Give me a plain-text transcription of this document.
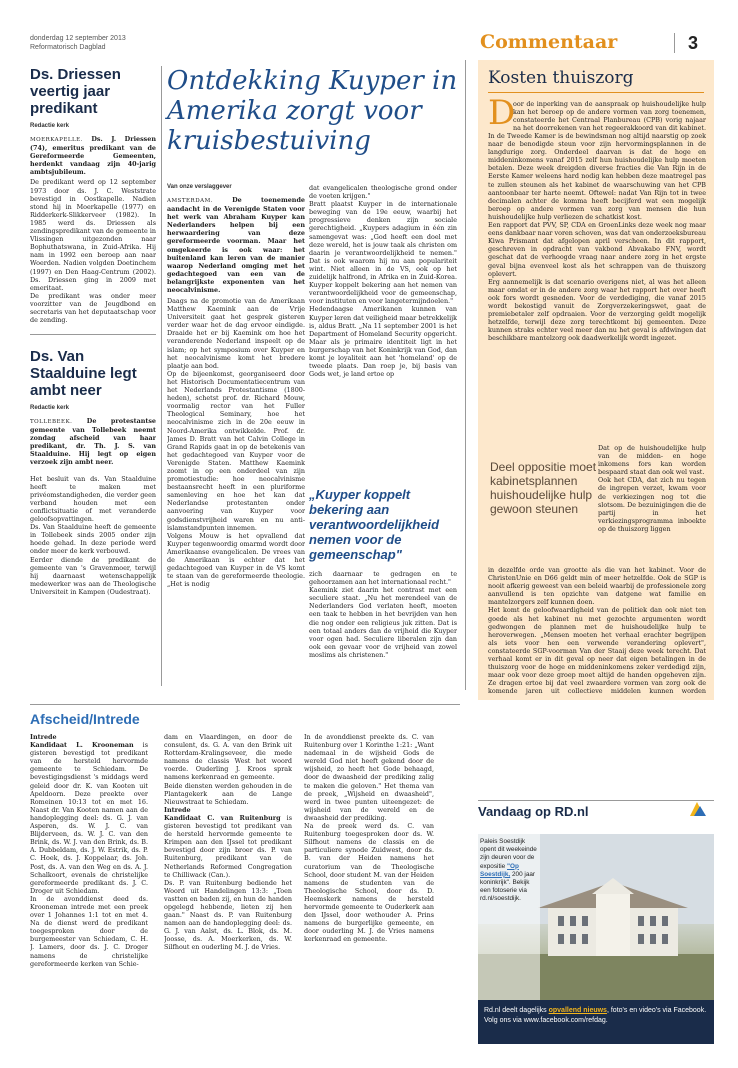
donderdag 12 september 2013
Reformatorisch Dagblad	Commentaar	3
Ds. Driessen veertig jaar predikant
Redactie kerk
MOERKAPELLE. Ds. J. Driessen (74), emeritus predikant van de Gereformeerde Gemeenten, herdenkt vandaag zijn 40-jarig ambtsjubileum.
De predikant werd op 12 september 1973 door ds. J. C. Weststrate bevestigd in Oostkapelle. Nadien stond hij in Moerkapelle (1977) en Ridderkerk-Slikkerveer (1982). In 1985 werd ds. Driessen als zendingspredikant van de gemeente in Vlissingen uitgezonden naar Bophuthatswana, in Zuid-Afrika. Hij nam in 1992 een beroep aan naar Woerden. Nadien volgden Doetinchem (1997) en Den Haag-Centrum (2002). Ds. Driessen ging in 2009 met emeritaat.
De predikant was onder meer voorzitter van de Jeugdbond en secretaris van het deputaatschap voor de zending.
Ds. Van Staalduine legt ambt neer
Redactie kerk
TOLLEBEEK. De protestantse gemeente van Tollebeek neemt zondag afscheid van haar predikant, dr. Th. J. S. van Staalduine. Hij legt op eigen verzoek zijn ambt neer.
Het besluit van ds. Van Staalduine heeft te maken met privéomstandigheden, die verder geen verband houden met een conflictsituatie of met veranderde geloofsopvattingen.
Ds. Van Staalduine heeft de gemeente in Tollebeek sinds 2005 onder zijn hoede gehad. In deze periode werd onder meer de kerk verbouwd.
Eerder diende de predikant de gemeente van 's Gravenmoer, terwijl hij daarnaast wetenschappelijk medewerker was aan de Theologische Universiteit in Kampen (Oudestraat).
Ontdekking Kuyper in Amerika zorgt voor kruisbestuiving
Van onze verslaggever
AMSTERDAM.	De toenemende aandacht in de Verenigde Staten voor het werk van Abraham Kuyper kan Nederlanders helpen bij een herwaardering van deze gereformeerde voorman. Maar het omgekeerde is ook waar: het buitenland kan leren van de manier waarop Nederland omging met het gedachtegoed van een van de belangrijkste exponenten van het neocalvinisme.
Daags na de promotie van de Amerikaan Matthew Kaemink aan de Vrije Universiteit gaat het gesprek gisteren verder waar het de dag ervoor eindigde. Draaide het er bij Kaemink om hoe het veranderende Nederland inspeelt op de islam; op het symposium over Kuyper en het neocalvinisme komt het bredere plaatje aan bod.
Op de bijeenkomst, georganiseerd door het Historisch Documentatiecentrum van het Nederlands Protestantisme (1800-heden), schetst prof. dr. Richard Mouw, voormalig rector van het Fuller Theological Seminary, hoe het neocalvinisme zich in de 20e eeuw in Noord-Amerika ontwikkelde. Prof. dr. James D. Bratt van het Calvin College in Grand Rapids gaat in op de betekenis van het gedachtegoed van Kuyper voor de Verenigde Staten. Matthew Kaemink zoomt in op een onderdeel van zijn promotiestudie: hoe neocalvinisme bestaansrecht heeft in een pluriforme samenleving en hoe het kan dat Nederlandse protestanten onder aanvoering van Kuyper voor godsdienstvrijheid waren en nu anti-islamstandpunten innemen.
Volgens Mouw is het opvallend dat Kuyper tegenwoordig omarmd wordt door Amerikaanse evangelicalen. De vrees van de Amerikaan is echter dat het gedachtegoed van Kuyper in de VS komt te staan van de gereformeerde theologie. „Het is nodig
dat evangelicalen theologische grond onder de voeten krijgen."
Bratt plaatst Kuyper in de internationale beweging van de 19e eeuw, waarbij het progressieve denken zijn sociale gerechtigheid. „Kuypers adagium in één zin samengevat was: „God heeft een doel met deze wereld, het is jouw taak als christen om daarin je verantwoordelijkheid te nemen." Dat is ook waarom hij nu aan populariteit wint. Niet alleen in de VS, ook op het zuidelijk halfrond, in Afrika en in Zuid-Korea. Kuyper koppelt bekering aan het nemen van verantwoordelijkheid voor de gemeenschap, voor instituten en voor langetermijndoelen."
Hedendaagse Amerikanen kunnen van Kuyper leren dat veiligheid maar betrekkelijk is, aldus Bratt. „Na 11 september 2001 is het Department of Homeland Security opgericht. Maar als je primaire identiteit ligt in het burgerschap van het Koninkrijk van God, dan komt je loyaliteit aan het 'homeland' op de tweede plaats. Dan roep je, bij basis van Gods wet, je land ertoe op
„Kuyper koppelt bekering aan verantwoordelijkheid nemen voor de gemeenschap"
zich daarnaar te gedragen en te gehoorzamen aan het internationaal recht."
Kaemink ziet daarin het contrast met een seculiere staat. „Nu het merendeel van de Nederlanders God verlaten heeft, moeten een taak te hebben in het bevrijden van hen die nog onder een religieus juk zitten. Dat is een totaal anders dan de vrijheid die Kuyper voor ogen had. Seculiere liberalen zijn dan ook een gevaar voor de vrijheid van zowel moslims als christenen."
Kosten thuiszorg
D
oor de inperking van de aanspraak op huishoudelijke hulp kan het beroep op de andere vormen van zorg toenemen, constateerde het Centraal Planbureau (CPB) vorig najaar na het doorrekenen van het regeerakkoord van dit kabinet.
In de Tweede Kamer is de bewindsman nog altijd naarstig op zoek naar de benodigde steun voor zijn hervormingsplannen in de langdurige zorg. Onderdeel daarvan is dat de hoge en middeninkomens vanaf 2015 zelf hun huishoudelijke hulp moeten betalen. Deze week dreigden diverse fracties die Van Rijn in de Eerste Kamer weleens hard nodig kan hebben deze maatregel pas te zullen steunen als het kabinet de waarschuwing van het CPB aantoonbaar ter harte neemt. Oftewel: nadat Van Rijn tot in twee decimalen achter de komma heeft becijferd wat een mogelijk beroep op andere vormen van zorg van mensen die hun huishoudelijke hulp verliezen de schatkist kost.
Een rapport dat PVV, SP, CDA en GroenLinks deze week nog maar eens dankbaar naar voren schoven, was dat van onderzoeksbureau Kiwa Prismant dat afgelopen april verscheen. In dit rapport, geschreven in opdracht van vakbond Abvakabo FNV, wordt geschat dat de verhoogde vraag naar andere zorg in het ergste geval bijna evenveel kost als het schrappen van de thuiszorg oplevert.
Erg aannemelijk is dat scenario overigens niet, al was het alleen maar omdat er in de andere zorg waar het rapport het over heeft ook fors wordt gesneden. Voor de verdediging, die vanaf 2015 wordt bekostigd vanuit de Zorgverzekeringswet, gaat de premiebetaler zelf opdraaien. Voor de verzorging geldt mogelijk hetzelfde, terwijl deze zorg terechtkomt bij gemeenten. Deze kunnen straks echter veel meer dan nu het geval is afdwingen dat beschikbare mantelzorg ook daadwerkelijk wordt ingezet.
Deel oppositie moet kabinetsplannen huishoudelijke hulp gewoon steunen
Dat op de huishoudelijke hulp van de midden- en hoge inkomens fors kan worden bespaard staat dan ook wel vast.
Ook het CDA, dat zich nu tegen de ingrepen verzet, kwam voor de verkiezingen nog tot die slotsom. De bezuinigingen die de partij in het verkiezingsprogramma inboekte op de thuiszorg liggen
in dezelfde orde van grootte als die van het kabinet. Voor de ChristenUnie en D66 geldt min of meer hetzelfde. Ook de SGP is nooit afkerig geweest van een beleid waarbij de professionele zorg aanvullend is ten opzichte van datgene wat familie en mantelzorgers zelf kunnen doen.
Het komt de geloofwaardigheid van de politiek dan ook niet ten goede als het kabinet nu met gezochte argumenten wordt gedwongen de plannen met de huishoudelijke hulp te heroverwegen. „Mensen moeten het verhaal erachter begrijpen als iets voor hen een verwende verandering oplevert", constateerde SGP-voorman Van der Staaij deze week terecht. Dat verhaal komt er in dit geval op neer dat eigen betalingen in de thuiszorg voor de hoge en middeninkomens zeker verdedigd zijn, maar ook voor deze groep moet altijd de handen opgeheven zijn. Ze dragen ertoe bij dat veel zwaardere vormen van zorg ook de komende jaren uit collectieve middelen kunnen worden
Afscheid/Intrede
Intrede
Kandidaat L. Krooneman is gisteren bevestigd tot predikant van de hersteld hervormde gemeente te Schiedam. De bevestigingsdienst 's middags werd geleid door dr. K. van Kooten uit Apeldoorn. Deze preekte over Romeinen 10:13 tot en met 16. Naast dr. Van Kooten namen aan de handoplegging deel: ds. G. J. van Asperen, ds. W. J. C. van Blijderveen, ds. W. J. C. van den Brink, ds. W. J. van den Brink, ds. B. A. Dubbeldam, ds. J. W. Estrik, ds. P. C. Hoek, ds. J. Koppelaar, ds. Joh. Post, ds. A. van den Weg en ds. A. J. Schalkoort, evenals de christelijke gereformeerde predikant ds. J. C. Droger uit Schiedam.
In de avonddienst deed ds. Krooneman intrede met een preek over 1 Johannes 1:1 tot en met 4. Na de dienst werd de predikant toegesproken door de burgemeester van Schiedam, C. H. J. Lamers, door ds. J. C. Droger namens de christelijke gereformeerde kerken van Schie-
dam en Vlaardingen, en door de consulent, ds. G. A. van den Brink uit Rotterdam-Kralingseveer, die mede namens de classis West het woord voerde. Ouderling J. Kroos sprak namens kerkenraad en gemeente.
Beide diensten werden gehouden in de Plantagekerk aan de Lange Nieuwstraat te Schiedam.
Intrede
Kandidaat C. van Ruitenburg is gisteren bevestigd tot predikant van de hersteld hervormde gemeente te Krimpen aan den IJssel tot predikant bevestigd door zijn broer ds. P. van Ruitenburg, predikant van de Netherlands Reformed Congregation te Chilliwack (Can.).
Ds. P. van Ruitenburg bediende het Woord uit Handelingen 13:3: „Toen vastten en baden zij, en hun de handen opgelegd hebbende, lieten zij hen gaan." Naast ds. P. van Ruitenburg namen aan de handoplegging deel: ds. G. J. van Aalst, ds. L. Blok, ds. M. Joosse, ds. A. Moerkerken, ds. W. Silfhout en ouderling M. J. de Vries.
In de avonddienst preekte ds. C. van Ruitenburg over 1 Korinthe 1:21: „Want nademaal in de wijsheid Gods de wereld God niet heeft gekend door de wijsheid, zo heeft het Gode behaagd, door de dwaasheid der prediking zalig te maken die geloven." Het thema van de preek, „Wijsheid en dwaasheid", werd in twee punten uiteengezet: de wijsheid van de wereld en de dwaasheid der prediking.
Na de preek werd ds. C. van Ruitenburg toegesproken door ds. W. Silfhout namens de classis en de particuliere synode Zuidwest, door ds. B. van der Heiden namens het curatorium van de Theologische School, door student M. van der Heiden namens de studenten van de Theologische School, door ds. D. Heemskerk namens de hersteld hervormde gemeente te Ouderkerk aan den IJssel, door wethouder A. Prins namens de burgerlijke gemeente, en door ouderling M. J. de Vries namens kerkenraad en gemeente.
Vandaag op RD.nl
Paleis Soestdijk opent dit weekeinde zijn deuren voor de expositie "Op Soestdijk, 200 jaar koninkrijk". Bekijk een fotoserie via rd.nl/soestdijk.
Rd.nl deelt dagelijks opvallend nieuws, foto's en video's via Facebook. Volg ons via www.facebook.com/refdag.
